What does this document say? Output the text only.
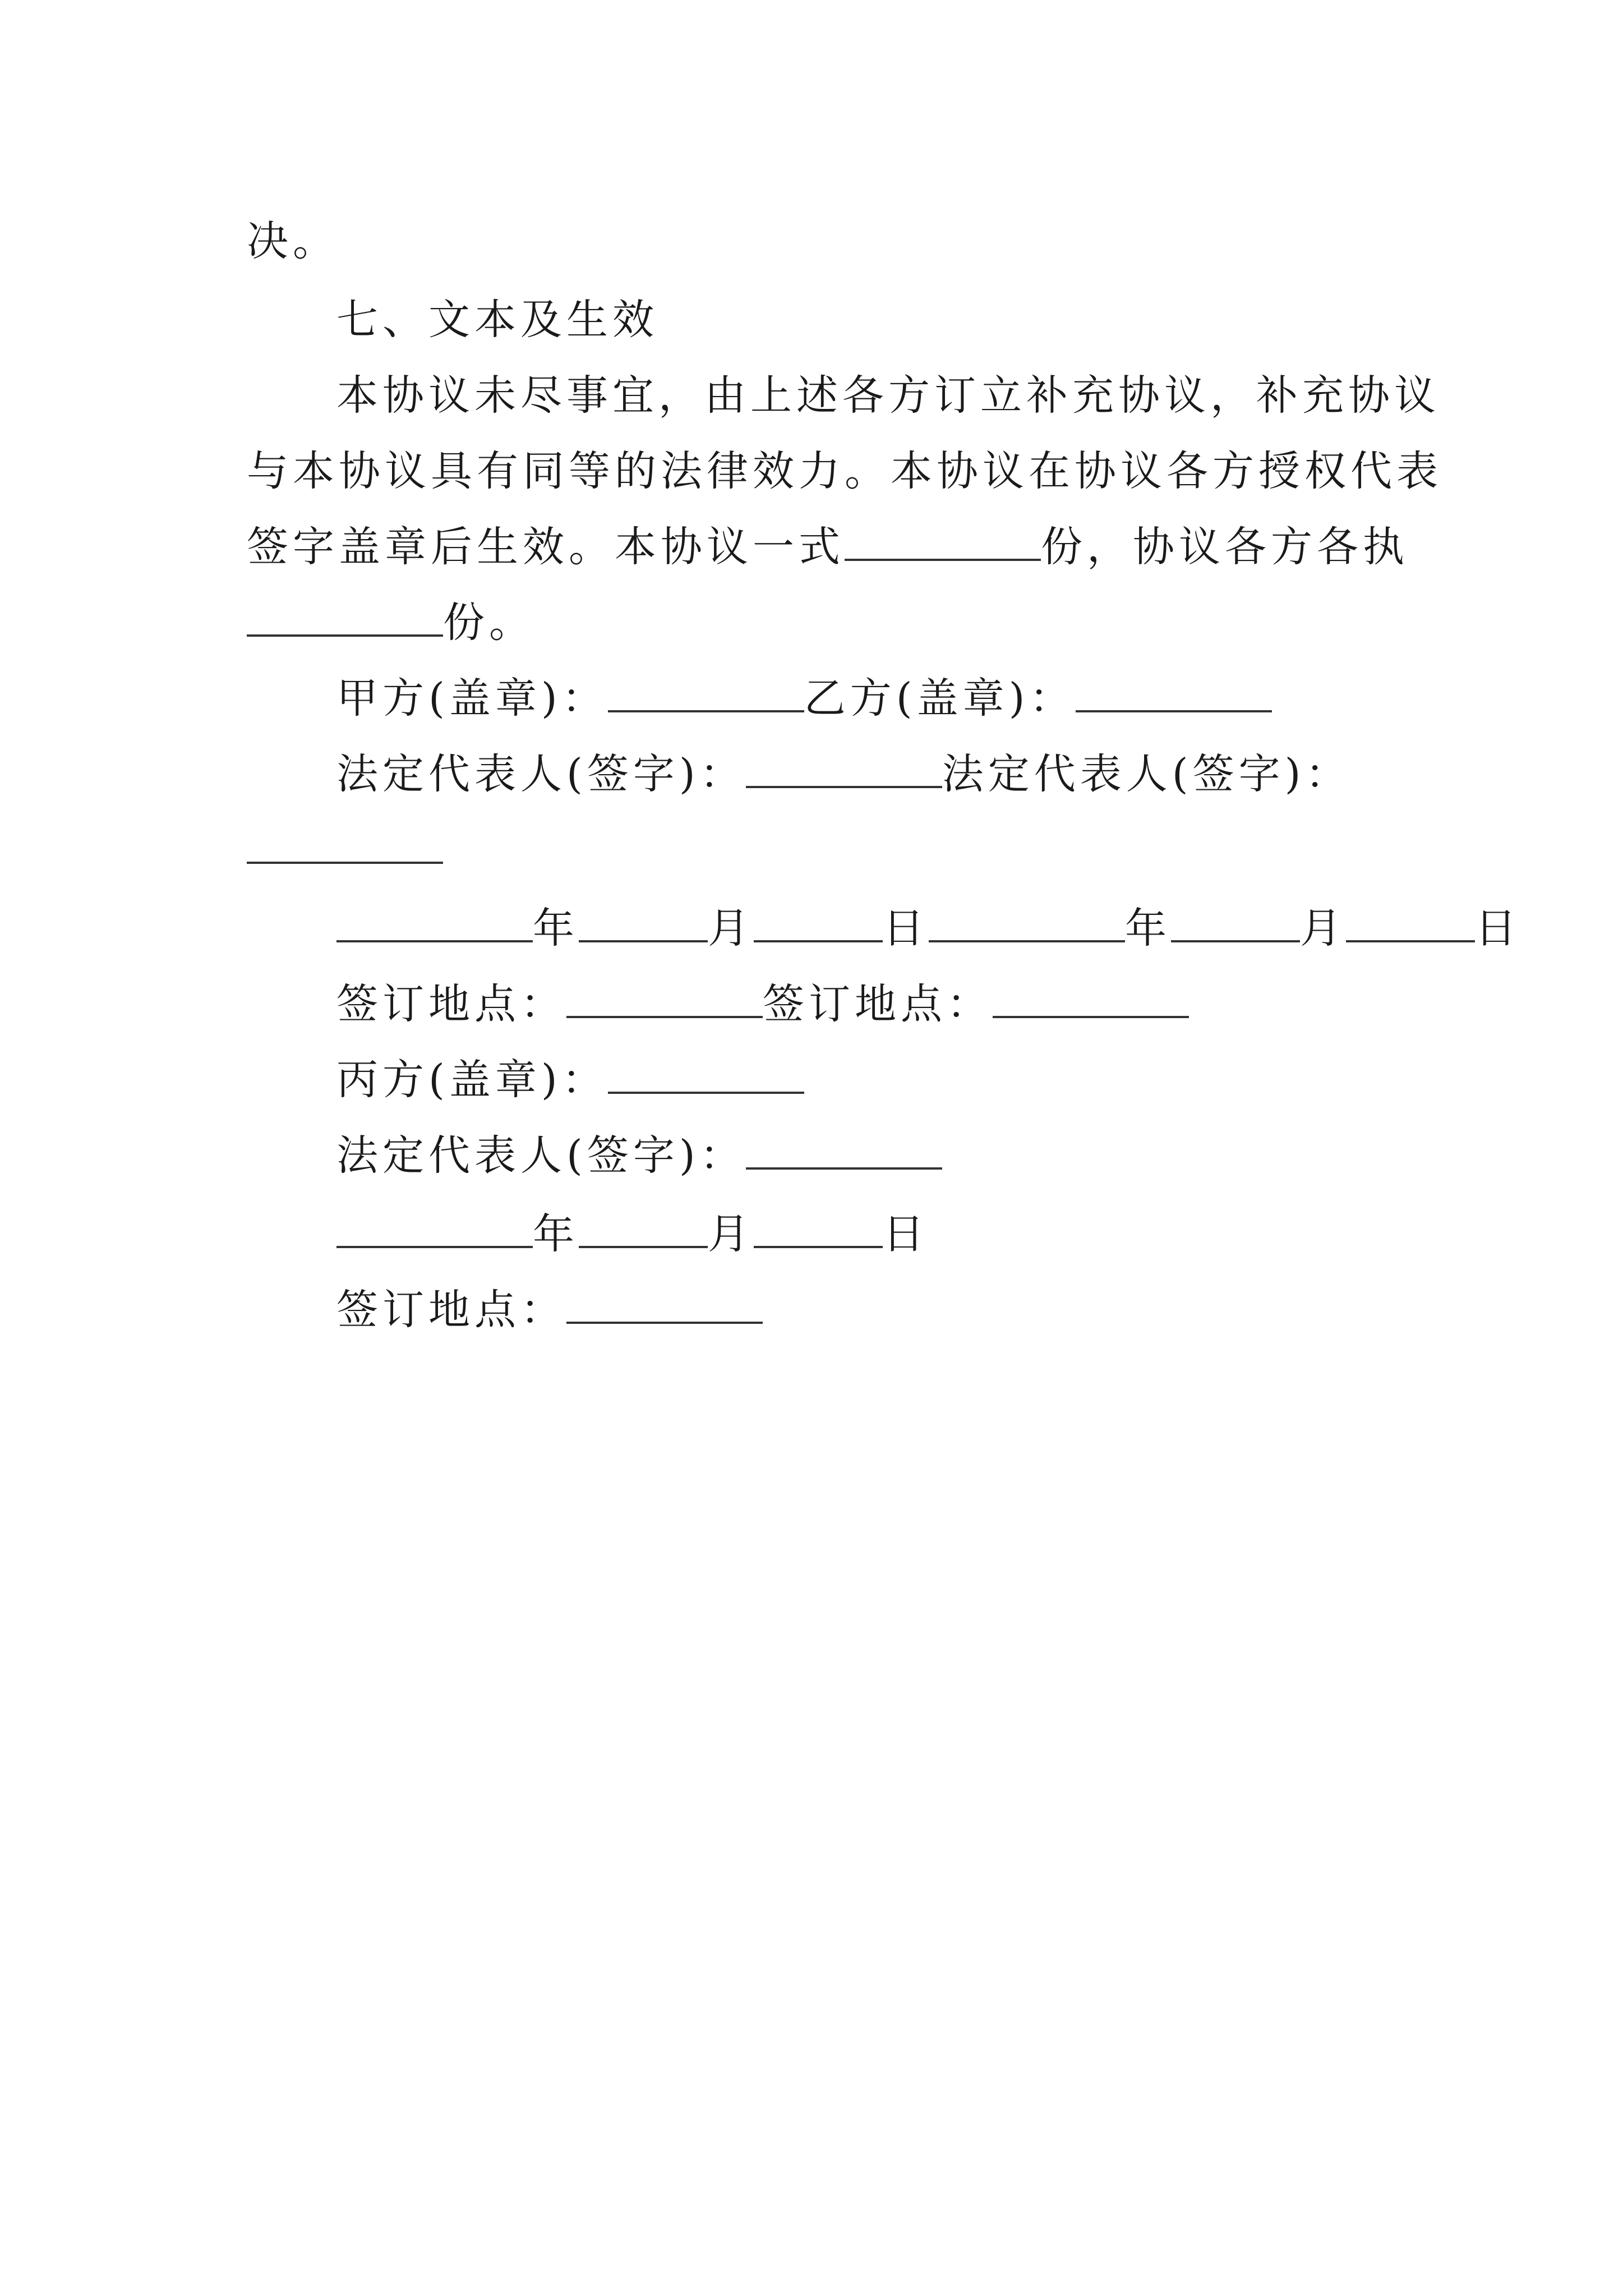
决。
七、文本及生效
本协议未尽事宜，由上述各方订立补充协议，补充协议
与本协议具有同等的法律效力。本协议在协议各方授权代表
签字盖章后生效。本协议一式	份，协议各方各执
份。
甲方(盖章)：	乙方(盖章)：
法定代表人(签字)：	法定代表人(签字)：
年	月	日	年	月	日
签订地点：	签订地点：
丙方(盖章)：
法定代表人(签字)：
年	月	日
签订地点：
